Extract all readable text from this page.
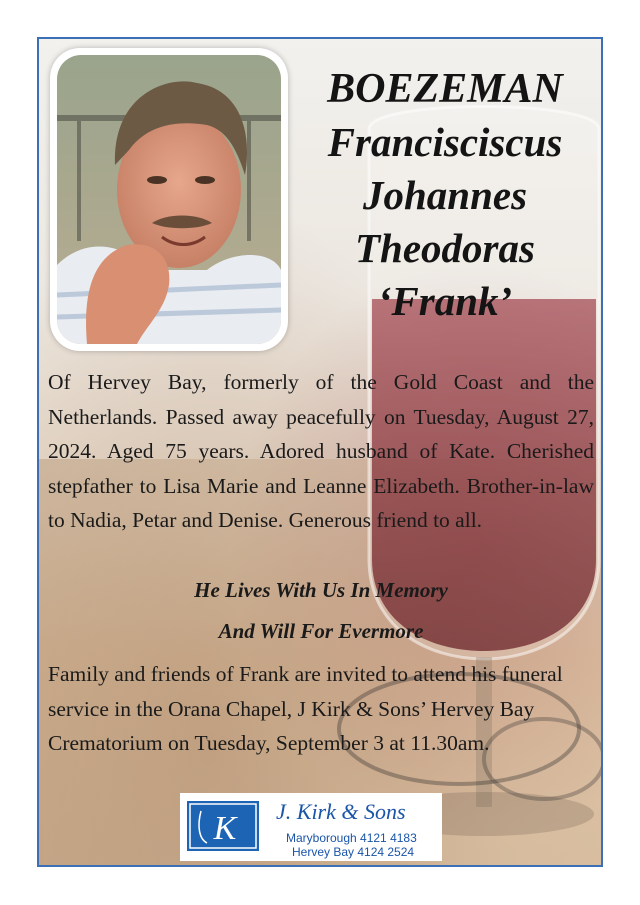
BOEZEMAN
Francisciscus
Johannes
Theodoras
‘Frank’
Of Hervey Bay, formerly of the Gold Coast and the Netherlands. Passed away peacefully on Tuesday, August 27, 2024. Aged 75 years. Adored husband of Kate. Cherished stepfather to Lisa Marie and Leanne Elizabeth. Brother-in-law to Nadia, Petar and Denise. Generous friend to all.
He Lives With Us In Memory
And Will For Evermore
Family and friends of Frank are invited to attend his funeral service in the Orana Chapel, J Kirk & Sons’ Hervey Bay Crematorium on Tuesday, September 3 at 11.30am.
K J. Kirk & Sons
Maryborough 4121 4183
Hervey Bay 4124 2524
